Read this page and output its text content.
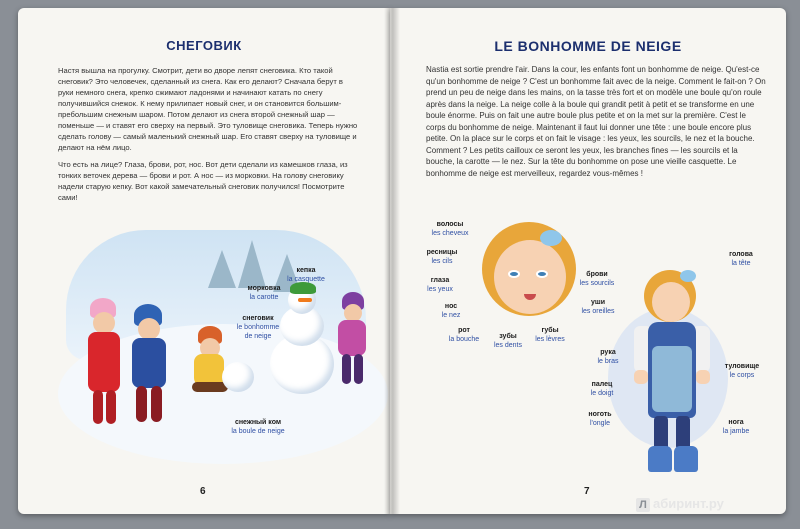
СНЕГОВИК

Настя вышла на прогулку. Смотрит, дети во дворе лепят снеговика. Кто такой снеговик? Это человечек, сделанный из снега. Как его делают? Сначала берут в руки немного снега, крепко сжимают ладонями и начинают катать по снегу получившийся снежок. К нему прилипает новый снег, и он становится большим-пребольшим снежным шаром. Потом делают из снега второй снежный шар — поменьше — и ставят его сверху на первый. Это туловище снеговика. Теперь нужно сделать голову — самый маленький снежный шар. Его ставят сверху на туловище и делают на нём лицо.

Что есть на лице? Глаза, брови, рот, нос. Вот дети сделали из камешков глаза, из тонких веточек дерева — брови и рот. А нос — из морковки. На голову снеговику надели старую кепку. Вот какой замечательный снеговик получился! Посмотрите сами!

кепка
la casquette
морковка
la carotte
снеговик
le bonhomme
de neige
снежный ком
la boule de neige
6
LE BONHOMME DE NEIGE
Nastia est sortie prendre l'air. Dans la cour, les enfants font un bonhomme de neige. Qu'est-ce qu'un bonhomme de neige ? C'est un bonhomme fait avec de la neige. Comment le fait-on ? On prend un peu de neige dans les mains, on la tasse très fort et on modèle une boule qu'on roule après dans la neige. La neige colle à la boule qui grandit petit à petit et se transforme en une boule énorme. Puis on fait une autre boule plus petite et on la met sur la première. C'est le corps du bonhomme de neige. Maintenant il faut lui donner une tête : une boule encore plus petite. On la place sur le corps et on fait le visage : les yeux, les sourcils, le nez et la bouche. Comment ? Les petits cailloux ce seront les yeux, les branches fines — les sourcils et la bouche, la carotte — le nez. Sur la tête du bonhomme on pose une vieille casquette. Le bonhomme de neige est merveilleux, regardez vous-mêmes !
волосы
les cheveux
ресницы
les cils
глаза
les yeux
нос
le nez
рот
la bouche	зубы
les dents
губы
les lèvres
уши
les oreilles
брови
les sourcils
голова
la tête
рука
le bras
туловище
le corps
палец
le doigt
ноготь
l'ongle	нога
la jambe
7
Л абиринт.ру
